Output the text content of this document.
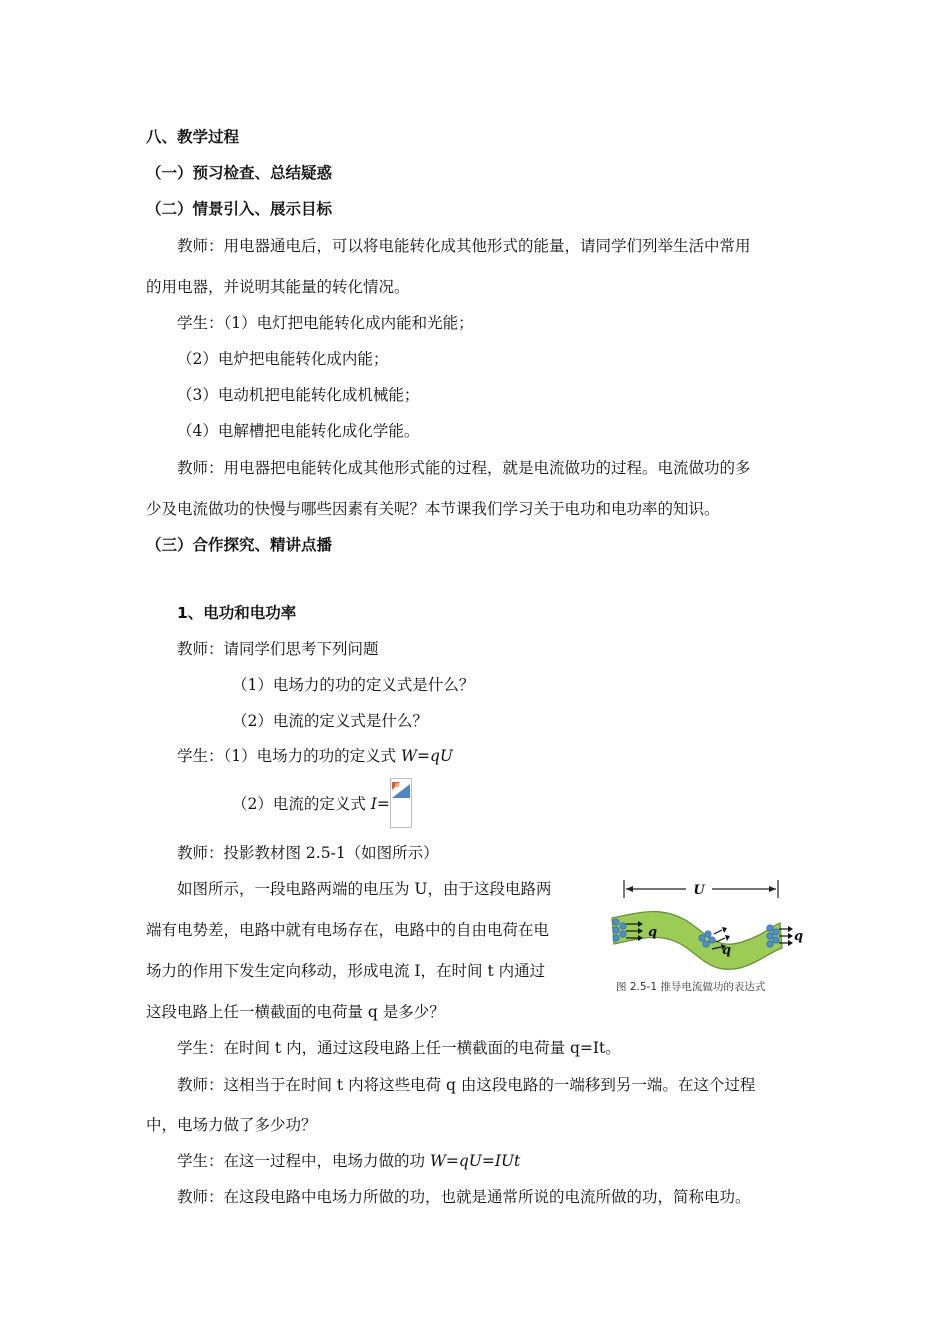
八、教学过程
（一）预习检查、总结疑惑
（二）情景引入、展示目标
教师：用电器通电后，可以将电能转化成其他形式的能量，请同学们列举生活中常用
的用电器，并说明其能量的转化情况。
学生：（1）电灯把电能转化成内能和光能；
（2）电炉把电能转化成内能；
（3）电动机把电能转化成机械能；
（4）电解槽把电能转化成化学能。
教师：用电器把电能转化成其他形式能的过程，就是电流做功的过程。电流做功的多
少及电流做功的快慢与哪些因素有关呢？本节课我们学习关于电功和电功率的知识。
（三）合作探究、精讲点播
1、电功和电功率
教师：请同学们思考下列问题
（1）电场力的功的定义式是什么？
（2）电流的定义式是什么？
学生：（1）电场力的功的定义式 W=qU
（2）电流的定义式 I=
教师：投影教材图 2.5-1（如图所示）
如图所示，一段电路两端的电压为 U，由于这段电路两
端有电势差，电路中就有电场存在，电路中的自由电荷在电
场力的作用下发生定向移动，形成电流 I，在时间 t 内通过
这段电路上任一横截面的电荷量 q 是多少？
学生：在时间 t 内，通过这段电路上任一横截面的电荷量 q=It。
教师：这相当于在时间 t 内将这些电荷 q 由这段电路的一端移到另一端。在这个过程
中，电场力做了多少功？
学生：在这一过程中，电场力做的功 W=qU=IUt
教师：在这段电路中电场力所做的功，也就是通常所说的电流所做的功，简称电功。
U
q
q
q
图 2.5-1 推导电流做功的表达式
